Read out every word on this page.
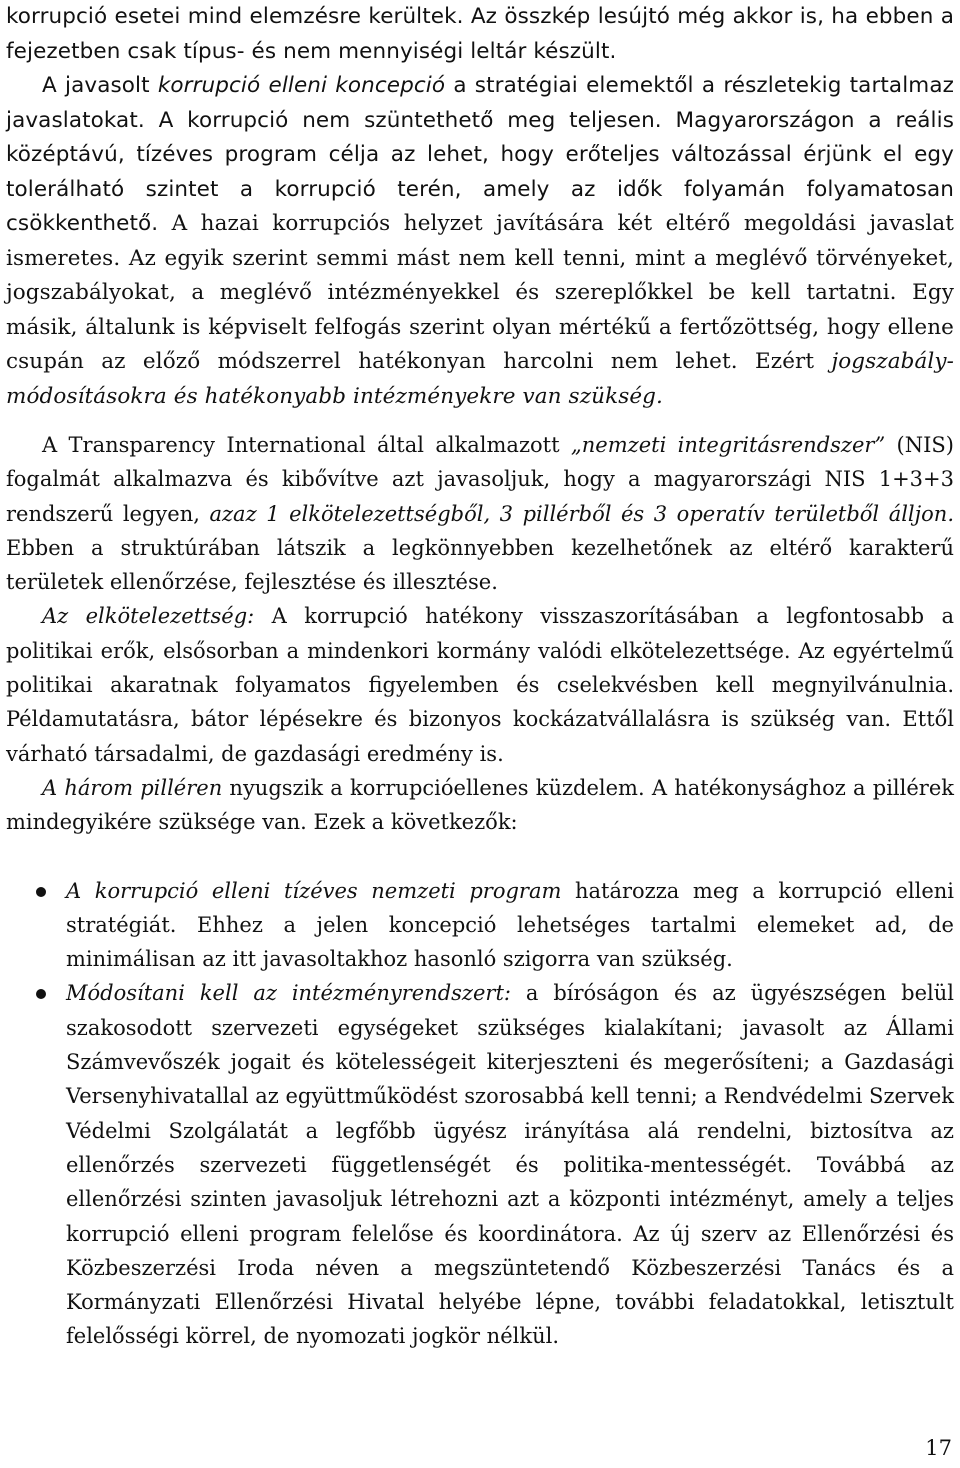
korrupció esetei mind elemzésre kerültek. Az összkép lesújtó még akkor is, ha ebben a fejezetben csak típus- és nem mennyiségi leltár készült.

A javasolt korrupció elleni koncepció a stratégiai elemektől a részletekig tartalmaz javaslatokat. A korrupció nem szüntethető meg teljesen. Magyarországon a reális középtávú, tízéves program célja az lehet, hogy erőteljes változással érjünk el egy tolerálható szintet a korrupció terén, amely az idők folyamán folyamatosan csökkenthető. A hazai korrupciós helyzet javítására két eltérő megoldási javaslat ismeretes. Az egyik szerint semmi mást nem kell tenni, mint a meglévő törvényeket, jogszabályokat, a meglévő intézményekkel és szereplőkkel be kell tartatni. Egy másik, általunk is képviselt felfogás szerint olyan mértékű a fertőzöttség, hogy ellene csupán az előző módszerrel hatékonyan harcolni nem lehet. Ezért jogszabály-módosításokra és hatékonyabb intézményekre van szükség.

A Transparency International által alkalmazott „nemzeti integritásrendszer” (NIS) fogalmát alkalmazva és kibővítve azt javasoljuk, hogy a magyarországi NIS 1+3+3 rendszerű legyen, azaz 1 elkötelezettségből, 3 pillérből és 3 operatív területből álljon. Ebben a struktúrában látszik a legkönnyebben kezelhetőnek az eltérő karakterű területek ellenőrzése, fejlesztése és illesztése.

Az elkötelezettség: A korrupció hatékony visszaszorításában a legfontosabb a politikai erők, elsősorban a mindenkori kormány valódi elkötelezettsége. Az egyértelmű politikai akaratnak folyamatos figyelemben és cselekvésben kell megnyilvánulnia. Példamutatásra, bátor lépésekre és bizonyos kockázatvállalásra is szükség van. Ettől várható társadalmi, de gazdasági eredmény is.

A három pilléren nyugszik a korrupcióellenes küzdelem. A hatékonysághoz a pillérek mindegyikére szüksége van. Ezek a következők:

A korrupció elleni tízéves nemzeti program határozza meg a korrupció elleni stratégiát. Ehhez a jelen koncepció lehetséges tartalmi elemeket ad, de minimálisan az itt javasoltakhoz hasonló szigorra van szükség.
Módosítani kell az intézményrendszert: a bíróságon és az ügyészségen belül szakosodott szervezeti egységeket szükséges kialakítani; javasolt az Állami Számvevőszék jogait és kötelességeit kiterjeszteni és megerősíteni; a Gazdasági Versenyhivatallal az együttműködést szorosabbá kell tenni; a Rendvédelmi Szervek Védelmi Szolgálatát a legfőbb ügyész irányítása alá rendelni, biztosítva az ellenőrzés szervezeti függetlenségét és politika-mentességét. Továbbá az ellenőrzési szinten javasoljuk létrehozni azt a központi intézményt, amely a teljes korrupció elleni program felelőse és koordinátora. Az új szerv az Ellenőrzési és Közbeszerzési Iroda néven a megszüntetendő Közbeszerzési Tanács és a Kormányzati Ellenőrzési Hivatal helyébe lépne, további feladatokkal, letisztult felelősségi körrel, de nyomozati jogkör nélkül.
17
